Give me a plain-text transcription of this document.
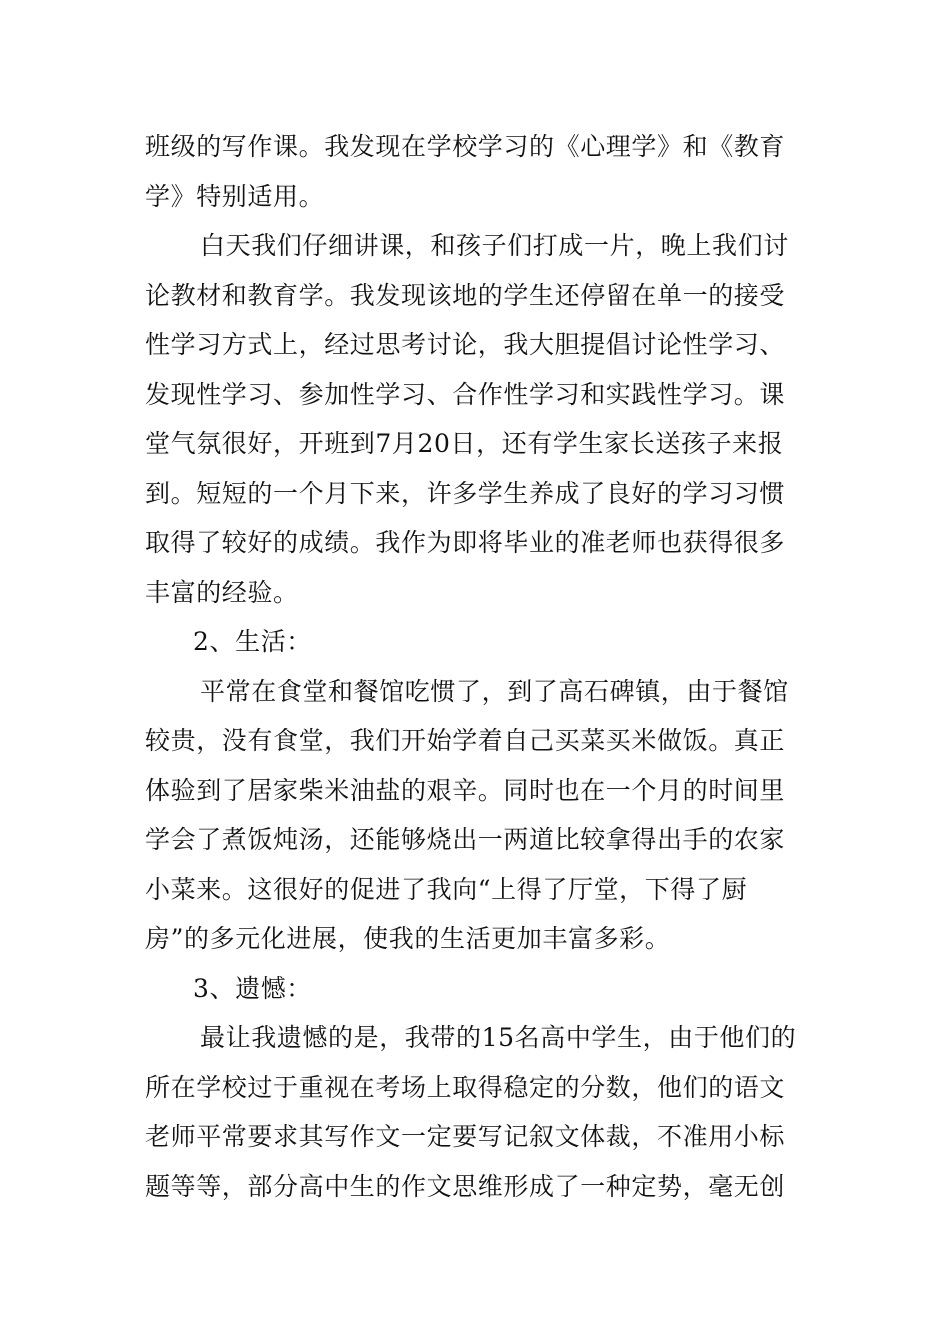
班级的写作课。我发现在学校学习的《心理学》和《教育
学》特别适用。
白天我们仔细讲课，和孩子们打成一片，晚上我们讨
论教材和教育学。我发现该地的学生还停留在单一的接受
性学习方式上，经过思考讨论，我大胆提倡讨论性学习、
发现性学习、参加性学习、合作性学习和实践性学习。课
堂气氛很好，开班到7月20日，还有学生家长送孩子来报
到。短短的一个月下来，许多学生养成了良好的学习习惯
取得了较好的成绩。我作为即将毕业的准老师也获得很多
丰富的经验。
2、生活：
平常在食堂和餐馆吃惯了，到了高石碑镇，由于餐馆
较贵，没有食堂，我们开始学着自己买菜买米做饭。真正
体验到了居家柴米油盐的艰辛。同时也在一个月的时间里
学会了煮饭炖汤，还能够烧出一两道比较拿得出手的农家
小菜来。这很好的促进了我向“上得了厅堂，下得了厨
房”的多元化进展，使我的生活更加丰富多彩。
3、遗憾：
最让我遗憾的是，我带的15名高中学生，由于他们的
所在学校过于重视在考场上取得稳定的分数，他们的语文
老师平常要求其写作文一定要写记叙文体裁，不准用小标
题等等，部分高中生的作文思维形成了一种定势，毫无创
